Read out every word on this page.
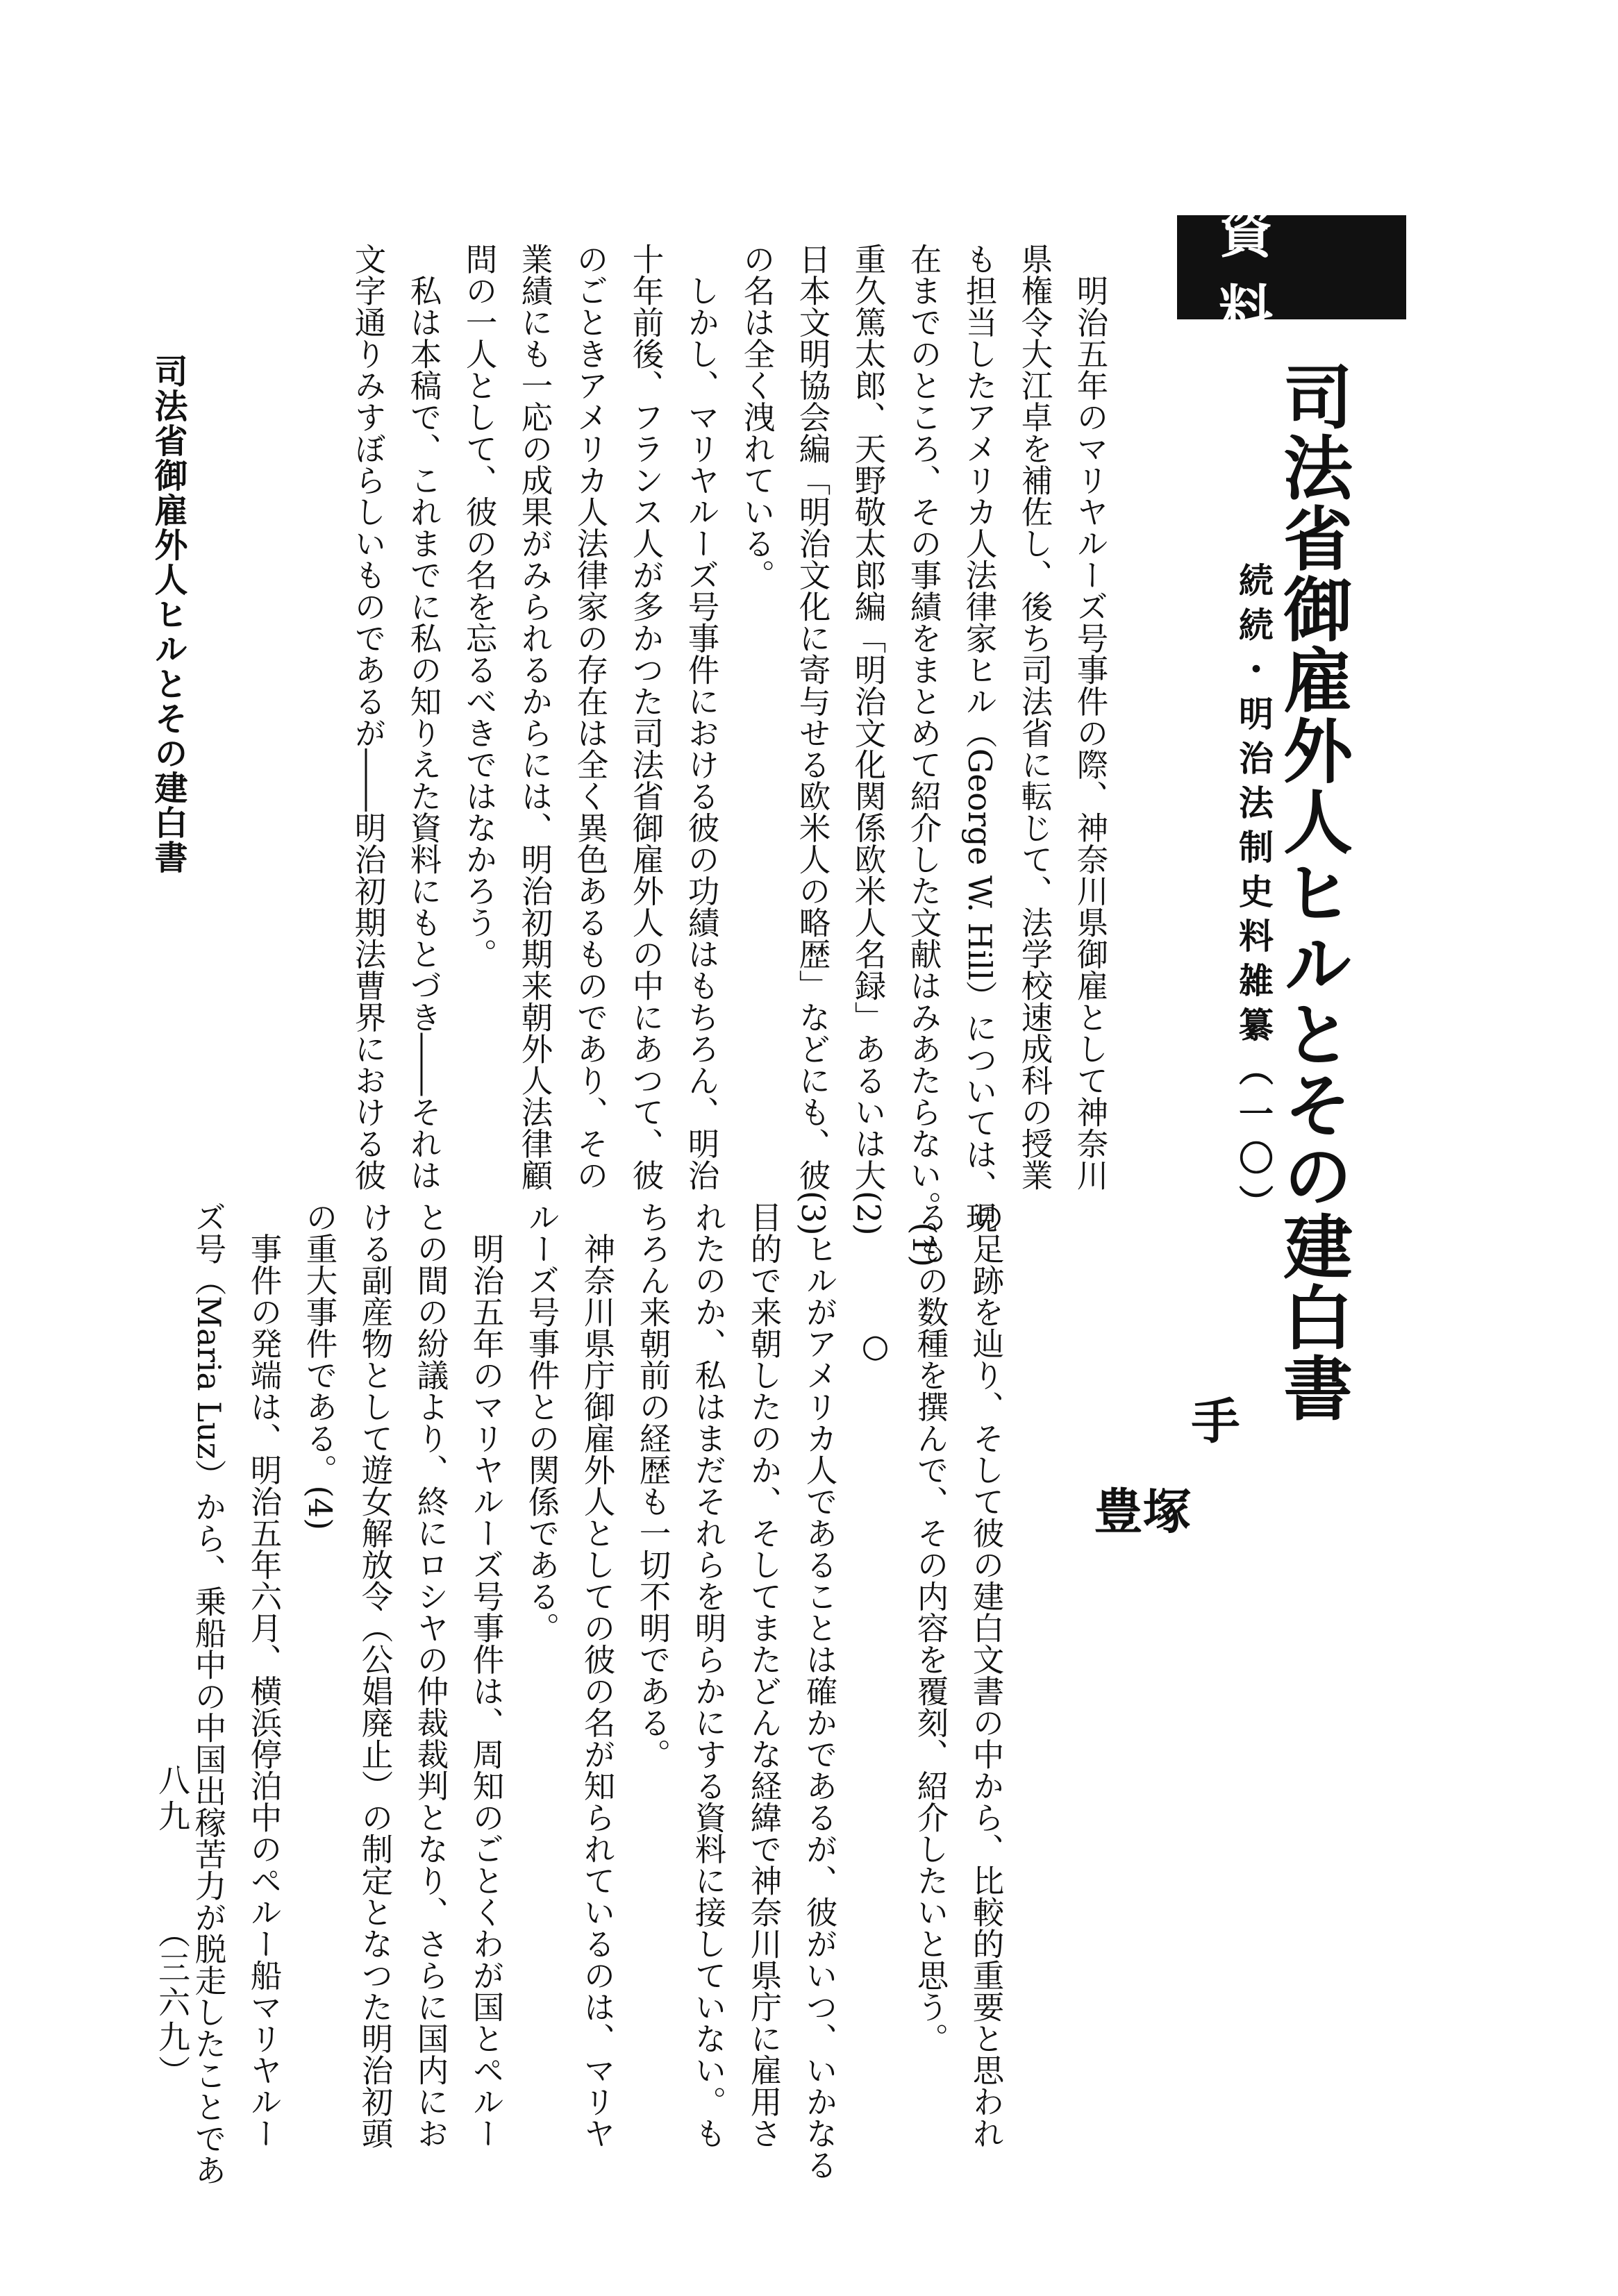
資料
司法省御雇外人ヒルとその建白書
続続・明治法制史料雑纂（一〇）
手
塚
豊

　明治五年のマリヤルーズ号事件の際、神奈川県御雇として神奈川

県権令大江卓を補佐し、後ち司法省に転じて、法学校速成科の授業

も担当したアメリカ人法律家ヒル（George W. Hill）については、現

在までのところ、その事績をまとめて紹介した文献はみあたらない。(1)

重久篤太郎、天野敬太郎編「明治文化関係欧米人名録」あるいは大(2)

日本文明協会編「明治文化に寄与せる欧米人の略歴」などにも、彼(3)

の名は全く洩れている。

　しかし、マリヤルーズ号事件における彼の功績はもちろん、明治

十年前後、フランス人が多かつた司法省御雇外人の中にあつて、彼

のごときアメリカ人法律家の存在は全く異色あるものであり、その

業績にも一応の成果がみられるからには、明治初期来朝外人法律顧

問の一人として、彼の名を忘るべきではなかろう。

　私は本稿で、これまでに私の知りえた資料にもとづき――それは

文字通りみすぼらしいものであるが――明治初期法曹界における彼

の足跡を辿り、そして彼の建白文書の中から、比較的重要と思われ

るもの数種を撰んで、その内容を覆刻、紹介したいと思う。

○

　ヒルがアメリカ人であることは確かであるが、彼がいつ、いかなる

目的で来朝したのか、そしてまたどんな経緯で神奈川県庁に雇用さ

れたのか、私はまだそれらを明らかにする資料に接していない。も

ちろん来朝前の経歴も一切不明である。

　神奈川県庁御雇外人としての彼の名が知られているのは、マリヤ

ルーズ号事件との関係である。

　明治五年のマリヤルーズ号事件は、周知のごとくわが国とペルー

との間の紛議より、終にロシヤの仲裁裁判となり、さらに国内にお

ける副産物として遊女解放令（公娼廃止）の制定となつた明治初頭

の重大事件である。(4)

　事件の発端は、明治五年六月、横浜停泊中のペルー船マリヤルー

ズ号（Maria Luz）から、乗船中の中国出稼苦力が脱走したことであ

司法省御雇外人ヒルとその建白書
八九
（三六九）
